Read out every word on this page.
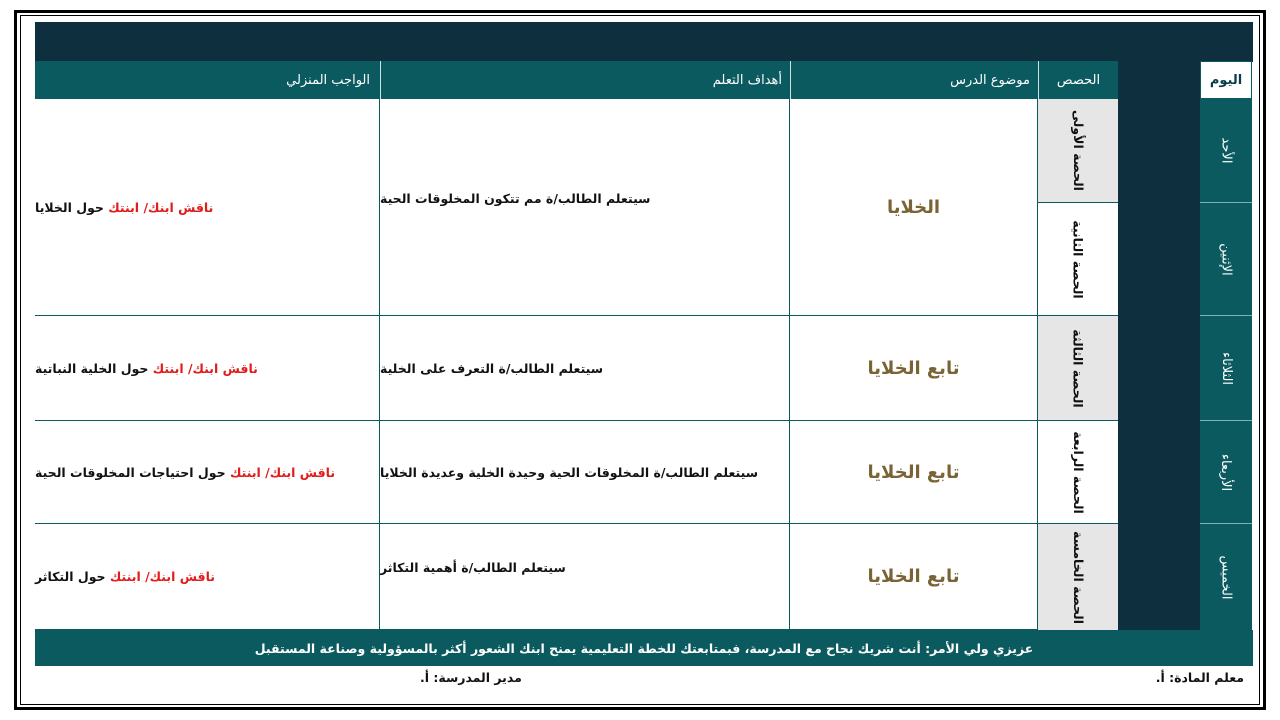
اليوم
الحصص
موضوع الدرس
أهداف التعلم
الواجب المنزلي
الأحد
الإثنين
الثلاثاء
الأربعاء
الخميس
الحصة الأولى
الحصة الثانية
الحصة الثالثة
الحصة الرابعة
الحصة الخامسة
الخلايا
سيتعلم الطالب/ة مم تتكون المخلوقات الحية
ناقش ابنك/ ابنتك حول الخلايا
تابع الخلايا
سيتعلم الطالب/ة التعرف على الخلية
ناقش ابنك/ ابنتك حول الخلية النباتية
تابع الخلايا
سيتعلم الطالب/ة المخلوقات الحية وحيدة الخلية وعديدة الخلايا
ناقش ابنك/ ابنتك حول احتياجات المخلوقات الحية
تابع الخلايا
سيتعلم الطالب/ة أهمية التكاثر
ناقش ابنك/ ابنتك حول التكاثر
عزيزي ولي الأمر: أنت شريك نجاح مع المدرسة، فبمتابعتك للخطة التعليمية يمنح ابنك الشعور أكثر بالمسؤولية وصناعة المستقبل
معلم المادة: أ.
مدير المدرسة: أ.
